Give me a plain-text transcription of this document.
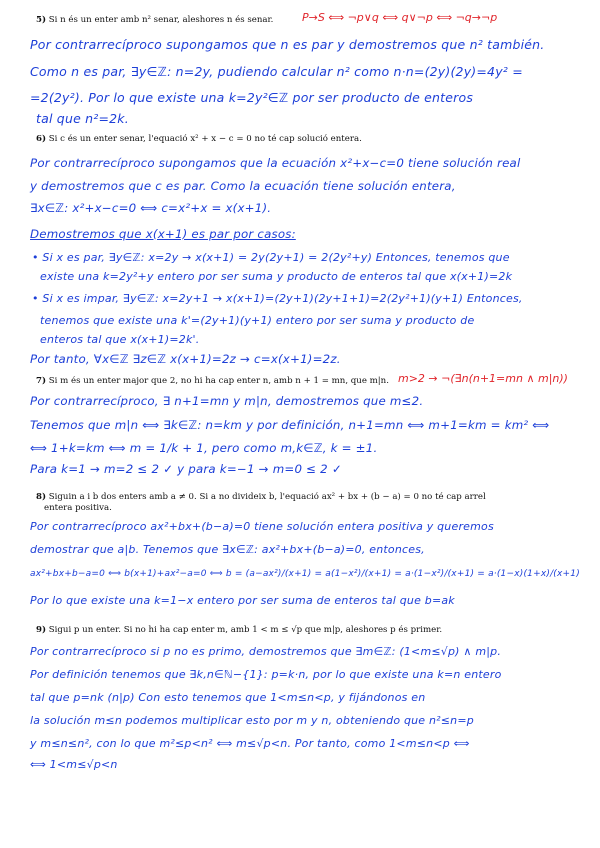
5) Si n és un enter amb n² senar, aleshores n és senar.	P→S ⟺ ¬p∨q ⟺ q∨¬p ⟺ ¬q→¬p
Por contrarrecíproco supongamos que n es par y demostremos que n² también.
Como n es par, ∃y∈ℤ: n=2y, pudiendo calcular n² como n·n=(2y)(2y)=4y² =
=2(2y²). Por lo que existe una k=2y²∈ℤ por ser producto de enteros
tal que n²=2k.
6) Si c és un enter senar, l'equació x² + x − c = 0 no té cap solució entera.
Por contrarrecíproco supongamos que la ecuación x²+x−c=0 tiene solución real
y demostremos que c es par. Como la ecuación tiene solución entera,
∃x∈ℤ: x²+x−c=0 ⟺ c=x²+x = x(x+1).
Demostremos que x(x+1) es par por casos:
• Si x es par, ∃y∈ℤ: x=2y → x(x+1) = 2y(2y+1) = 2(2y²+y) Entonces, tenemos que
existe una k=2y²+y entero por ser suma y producto de enteros tal que x(x+1)=2k
• Si x es impar, ∃y∈ℤ: x=2y+1 → x(x+1)=(2y+1)(2y+1+1)=2(2y²+1)(y+1) Entonces,
tenemos que existe una k'=(2y+1)(y+1) entero por ser suma y producto de
enteros tal que x(x+1)=2k'.
Por tanto, ∀x∈ℤ ∃z∈ℤ x(x+1)=2z → c=x(x+1)=2z.
7) Si m és un enter major que 2, no hi ha cap enter n, amb n + 1 = mn, que m|n. m>2 → ¬(∃n(n+1=mn ∧ m|n))
Por contrarrecíproco, ∃ n+1=mn y m|n, demostremos que m≤2.
Tenemos que m|n ⟺ ∃k∈ℤ: n=km y por definición, n+1=mn ⟺ m+1=km = km² ⟺
⟺ 1+k=km ⟺ m = 1/k + 1, pero como m,k∈ℤ, k = ±1.
Para k=1 → m=2 ≤ 2 ✓ y para k=−1 → m=0 ≤ 2 ✓
8) Siguin a i b dos enters amb a ≠ 0. Si a no divideix b, l'equació ax² + bx + (b − a) = 0 no té cap arrel
entera positiva.
Por contrarrecíproco ax²+bx+(b−a)=0 tiene solución entera positiva y queremos
demostrar que a|b. Tenemos que ∃x∈ℤ: ax²+bx+(b−a)=0, entonces,
ax²+bx+b−a=0 ⟺ b(x+1)+ax²−a=0 ⟺ b = (a−ax²)/(x+1) = a(1−x²)/(x+1) = a·(1−x²)/(x+1) = a·(1−x)(1+x)/(x+1)
Por lo que existe una k=1−x entero por ser suma de enteros tal que b=ak
9) Sigui p un enter. Si no hi ha cap enter m, amb 1 < m ≤ √p que m|p, aleshores p és primer.
Por contrarrecíproco si p no es primo, demostremos que ∃m∈ℤ: (1<m≤√p) ∧ m|p.
Por definición tenemos que ∃k,n∈ℕ−{1}: p=k·n, por lo que existe una k=n entero
tal que p=nk (n|p) Con esto tenemos que 1<m≤n<p, y fijándonos en
la solución m≤n podemos multiplicar esto por m y n, obteniendo que n²≤n=p
y m≤n≤n², con lo que m²≤p<n² ⟺ m≤√p<n. Por tanto, como 1<m≤n<p ⟺
⟺ 1<m≤√p<n
